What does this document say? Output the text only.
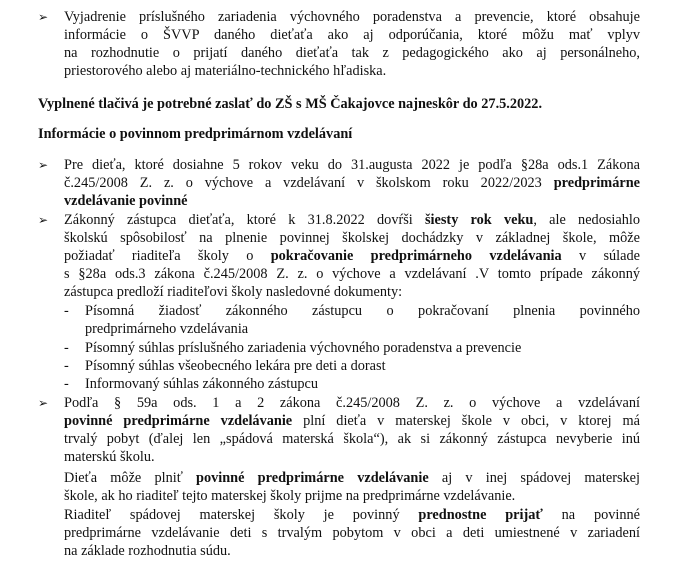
➢ Vyjadrenie príslušného zariadenia výchovného poradenstva a prevencie, ktoré obsahuje
informácie o ŠVVP daného dieťaťa ako aj odporúčania, ktoré môžu mať vplyv
na rozhodnutie o prijatí daného dieťaťa tak z pedagogického ako aj personálneho,
priestorového alebo aj materiálno-technického hľadiska.
Vyplnené tlačivá je potrebné zaslať do ZŠ s MŠ Čakajovce najneskôr do 27.5.2022.
Informácie o povinnom predprimárnom vzdelávaní
➢ Pre dieťa, ktoré dosiahne 5 rokov veku do 31.augusta 2022 je podľa §28a ods.1 Zákona
č.245/2008 Z. z. o výchove a vzdelávaní v školskom roku 2022/2023 predprimárne
vzdelávanie povinné
➢ Zákonný zástupca dieťaťa, ktoré k 31.8.2022 dovŕši šiesty rok veku, ale nedosiahlo
školskú spôsobilosť na plnenie povinnej školskej dochádzky v základnej škole, môže
požiadať riaditeľa školy o pokračovanie predprimárneho vzdelávania v súlade
s §28a ods.3 zákona č.245/2008 Z. z. o výchove a vzdelávaní .V tomto prípade zákonný
zástupca predloží riaditeľovi školy nasledovné dokumenty:
- Písomná žiadosť zákonného zástupcu o pokračovaní plnenia povinného
predprimárneho vzdelávania
- Písomný súhlas príslušného zariadenia výchovného poradenstva a prevencie
- Písomný súhlas všeobecného lekára pre deti a dorast
- Informovaný súhlas zákonného zástupcu
➢ Podľa § 59a ods. 1 a 2 zákona č.245/2008 Z. z. o výchove a vzdelávaní
povinné predprimárne vzdelávanie plní dieťa v materskej škole v obci, v ktorej má
trvalý pobyt (ďalej len „spádová materská škola“), ak si zákonný zástupca nevyberie inú
materskú školu.
Dieťa môže plniť povinné predprimárne vzdelávanie aj v inej spádovej materskej
škole, ak ho riaditeľ tejto materskej školy prijme na predprimárne vzdelávanie.
Riaditeľ spádovej materskej školy je povinný prednostne prijať na povinné
predprimárne vzdelávanie deti s trvalým pobytom v obci a deti umiestnené v zariadení
na základe rozhodnutia súdu.
